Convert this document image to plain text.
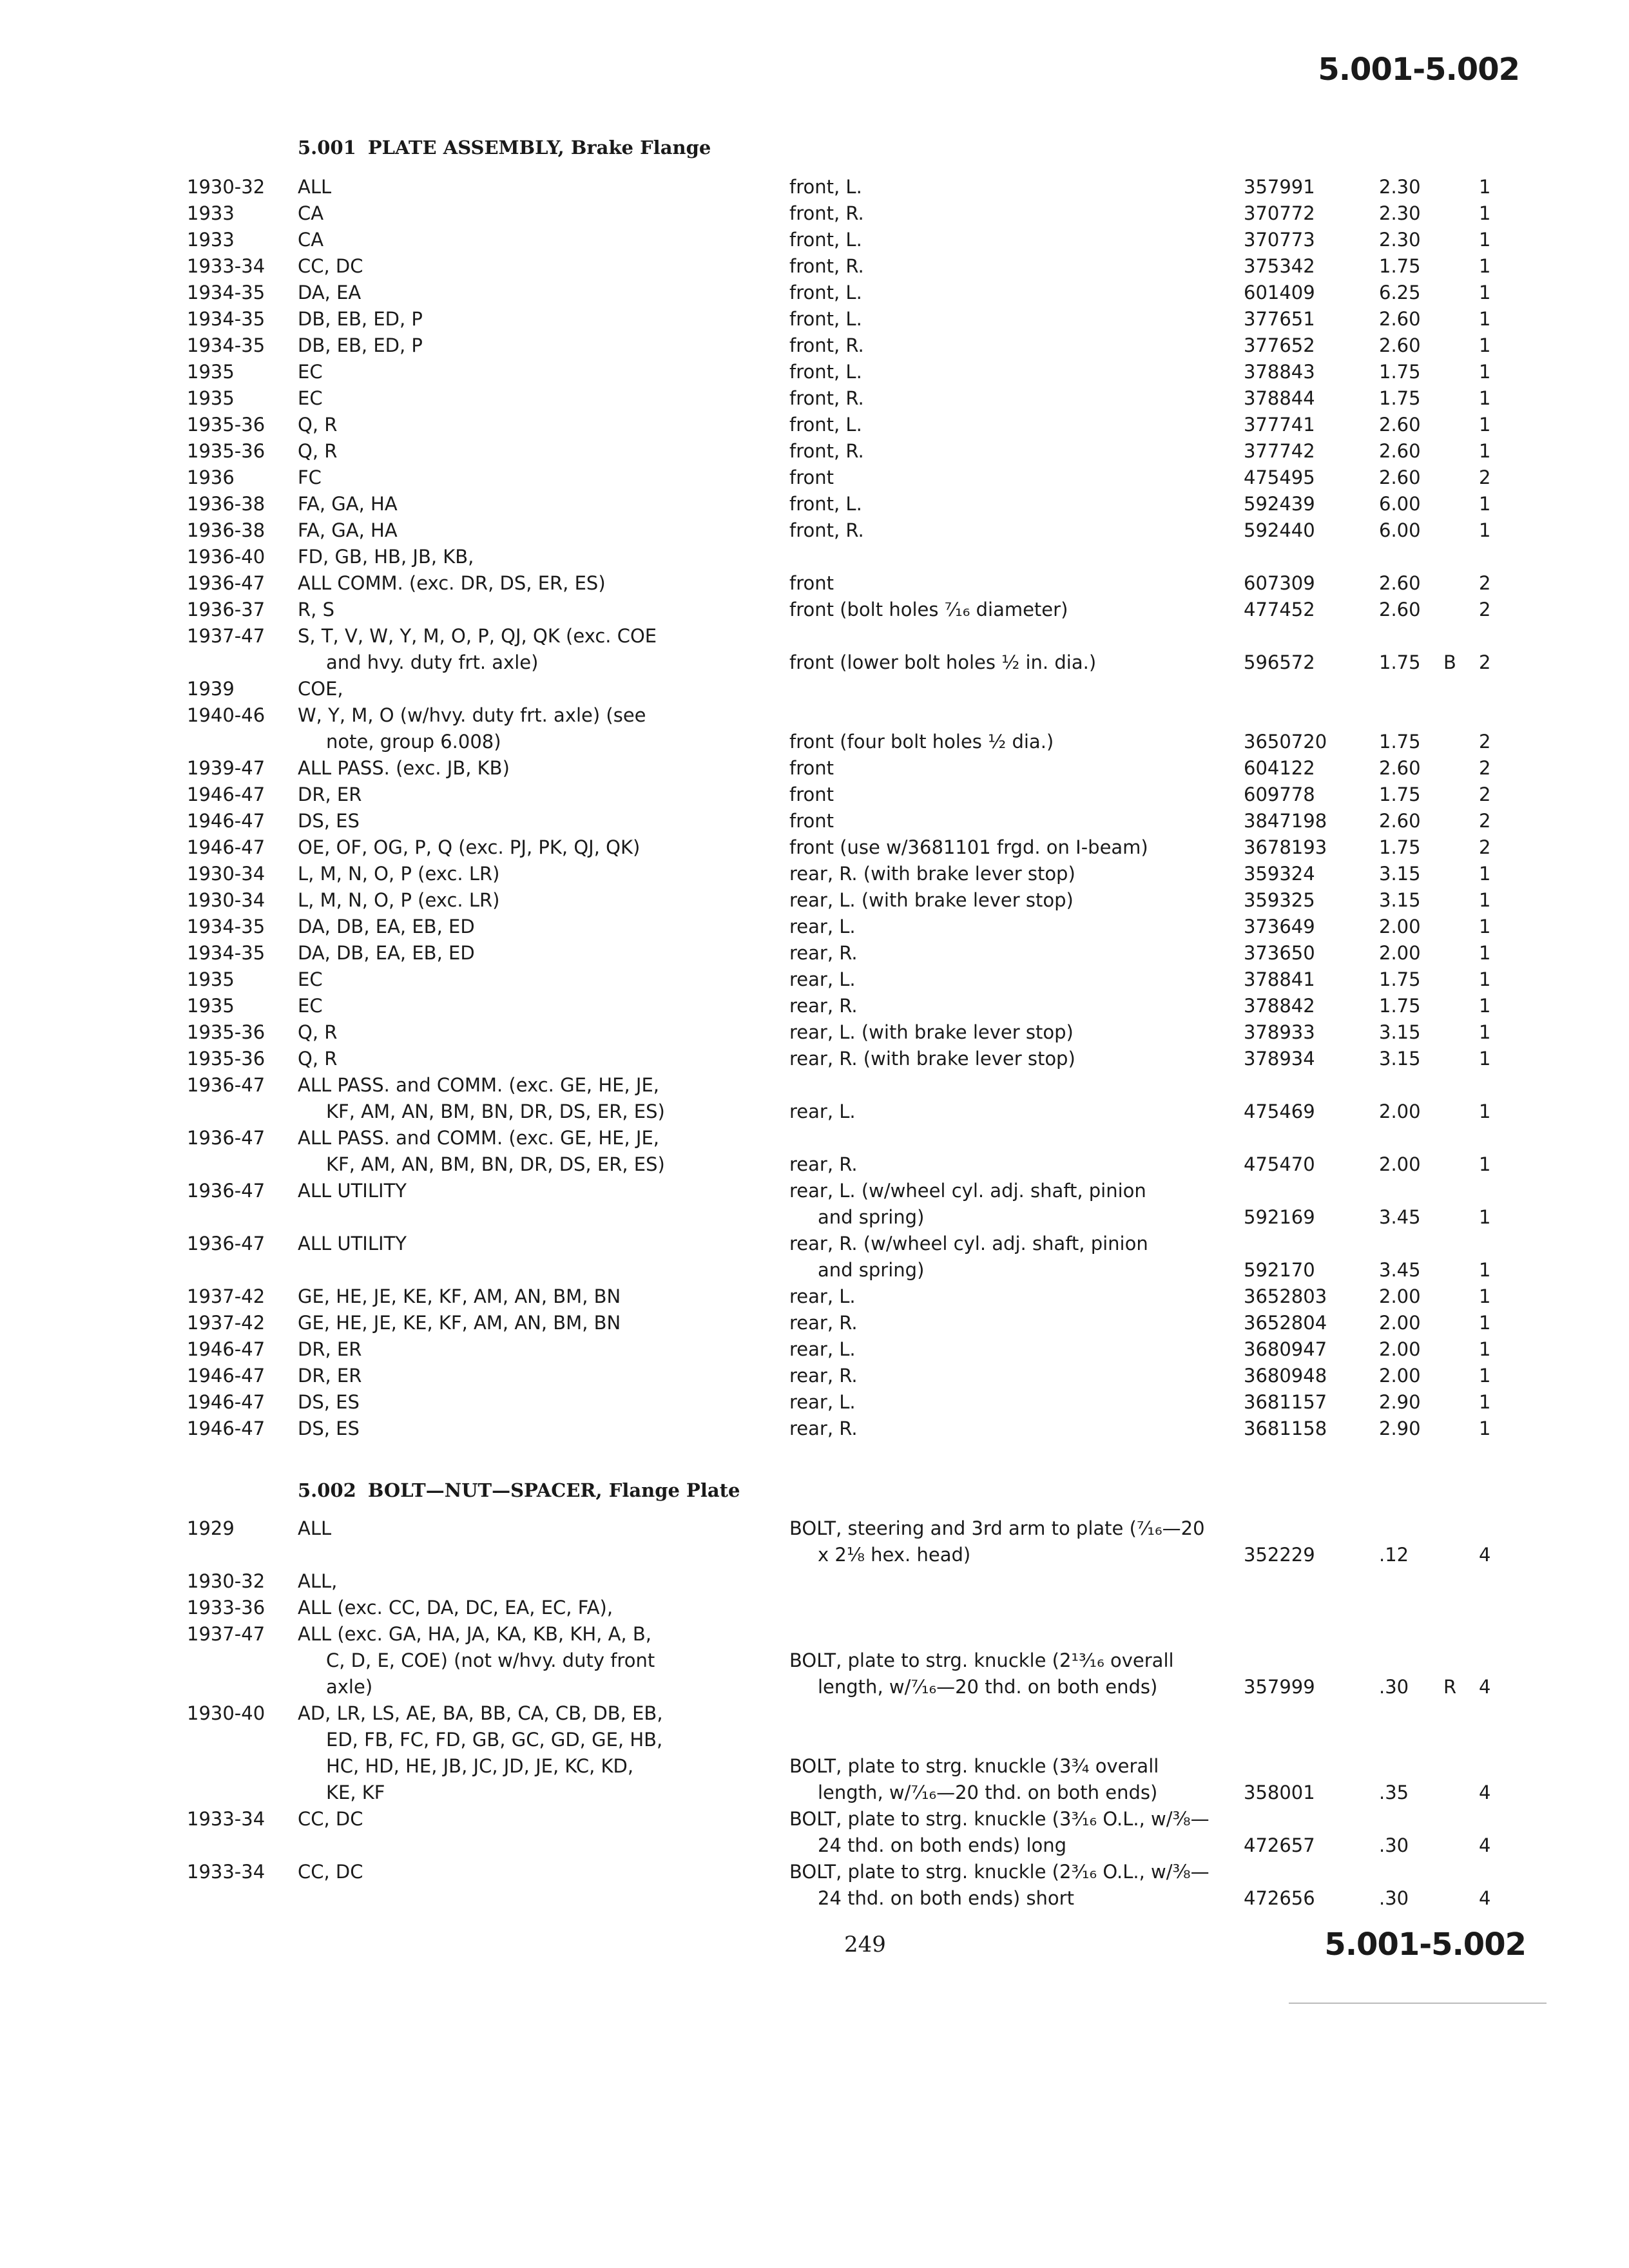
5.001-5.002
5.001 PLATE ASSEMBLY, Brake Flange
1930-32 ALL	front, L.	357991	2.30	1
1933	CA	front, R.	370772	2.30	1
1933	CA	front, L.	370773	2.30	1
1933-34 CC, DC	front, R.	375342	1.75	1
1934-35 DA, EA	front, L.	601409	6.25	1
1934-35 DB, EB, ED, P	front, L.	377651	2.60	1
1934-35 DB, EB, ED, P	front, R.	377652	2.60	1
1935	EC	front, L.	378843	1.75	1
1935	EC	front, R.	378844	1.75	1
1935-36 Q, R	front, L.	377741	2.60	1
1935-36 Q, R	front, R.	377742	2.60	1
1936	FC	front	475495	2.60	2
1936-38 FA, GA, HA	front, L.	592439	6.00	1
1936-38 FA, GA, HA	front, R.	592440	6.00	1
1936-40 FD, GB, HB, JB, KB,
1936-47 ALL COMM. (exc. DR, DS, ER, ES)	front	607309	2.60	2
1936-37 R, S	front (bolt holes ⁷⁄₁₆ diameter)	477452	2.60	2
1937-47 S, T, V, W, Y, M, O, P, QJ, QK (exc. COE
and hvy. duty frt. axle)	front (lower bolt holes ½ in. dia.)	596572	1.75 B 2
1939	COE,
1940-46 W, Y, M, O (w/hvy. duty frt. axle) (see
note, group 6.008)	front (four bolt holes ½ dia.)	3650720	1.75	2
1939-47 ALL PASS. (exc. JB, KB)	front	604122	2.60	2
1946-47 DR, ER	front	609778	1.75	2
1946-47 DS, ES	front	3847198	2.60	2
1946-47 OE, OF, OG, P, Q (exc. PJ, PK, QJ, QK)	front (use w/3681101 frgd. on I-beam)	3678193	1.75	2
1930-34 L, M, N, O, P (exc. LR)	rear, R. (with brake lever stop)	359324	3.15	1
1930-34 L, M, N, O, P (exc. LR)	rear, L. (with brake lever stop)	359325	3.15	1
1934-35 DA, DB, EA, EB, ED	rear, L.	373649	2.00	1
1934-35 DA, DB, EA, EB, ED	rear, R.	373650	2.00	1
1935	EC	rear, L.	378841	1.75	1
1935	EC	rear, R.	378842	1.75	1
1935-36 Q, R	rear, L. (with brake lever stop)	378933	3.15	1
1935-36 Q, R	rear, R. (with brake lever stop)	378934	3.15	1
1936-47 ALL PASS. and COMM. (exc. GE, HE, JE,
KF, AM, AN, BM, BN, DR, DS, ER, ES)	rear, L.	475469	2.00	1
1936-47 ALL PASS. and COMM. (exc. GE, HE, JE,
KF, AM, AN, BM, BN, DR, DS, ER, ES)	rear, R.	475470	2.00	1
1936-47 ALL UTILITY	rear, L. (w/wheel cyl. adj. shaft, pinion
and spring)	592169	3.45	1
1936-47 ALL UTILITY	rear, R. (w/wheel cyl. adj. shaft, pinion
and spring)	592170	3.45	1
1937-42 GE, HE, JE, KE, KF, AM, AN, BM, BN	rear, L.	3652803	2.00	1
1937-42 GE, HE, JE, KE, KF, AM, AN, BM, BN	rear, R.	3652804	2.00	1
1946-47 DR, ER	rear, L.	3680947	2.00	1
1946-47 DR, ER	rear, R.	3680948	2.00	1
1946-47 DS, ES	rear, L.	3681157	2.90	1
1946-47 DS, ES	rear, R.	3681158	2.90	1
5.002 BOLT—NUT—SPACER, Flange Plate
1929	ALL	BOLT, steering and 3rd arm to plate (⁷⁄₁₆—20
x 2⅛ hex. head)	352229	.12	4
1930-32 ALL,
1933-36 ALL (exc. CC, DA, DC, EA, EC, FA),
1937-47 ALL (exc. GA, HA, JA, KA, KB, KH, A, B,
C, D, E, COE) (not w/hvy. duty front
axle)
BOLT, plate to strg. knuckle (2¹³⁄₁₆ overall
length, w/⁷⁄₁₆—20 thd. on both ends)	357999	.30 R 4
1930-40 AD, LR, LS, AE, BA, BB, CA, CB, DB, EB,
ED, FB, FC, FD, GB, GC, GD, GE, HB,
HC, HD, HE, JB, JC, JD, JE, KC, KD,
KE, KF
BOLT, plate to strg. knuckle (3¾ overall
length, w/⁷⁄₁₆—20 thd. on both ends)	358001	.35	4
1933-34 CC, DC	BOLT, plate to strg. knuckle (3³⁄₁₆ O.L., w/⅜—
24 thd. on both ends) long	472657	.30	4
1933-34 CC, DC	BOLT, plate to strg. knuckle (2³⁄₁₆ O.L., w/⅜—
24 thd. on both ends) short	472656	.30	4
249	5.001-5.002
